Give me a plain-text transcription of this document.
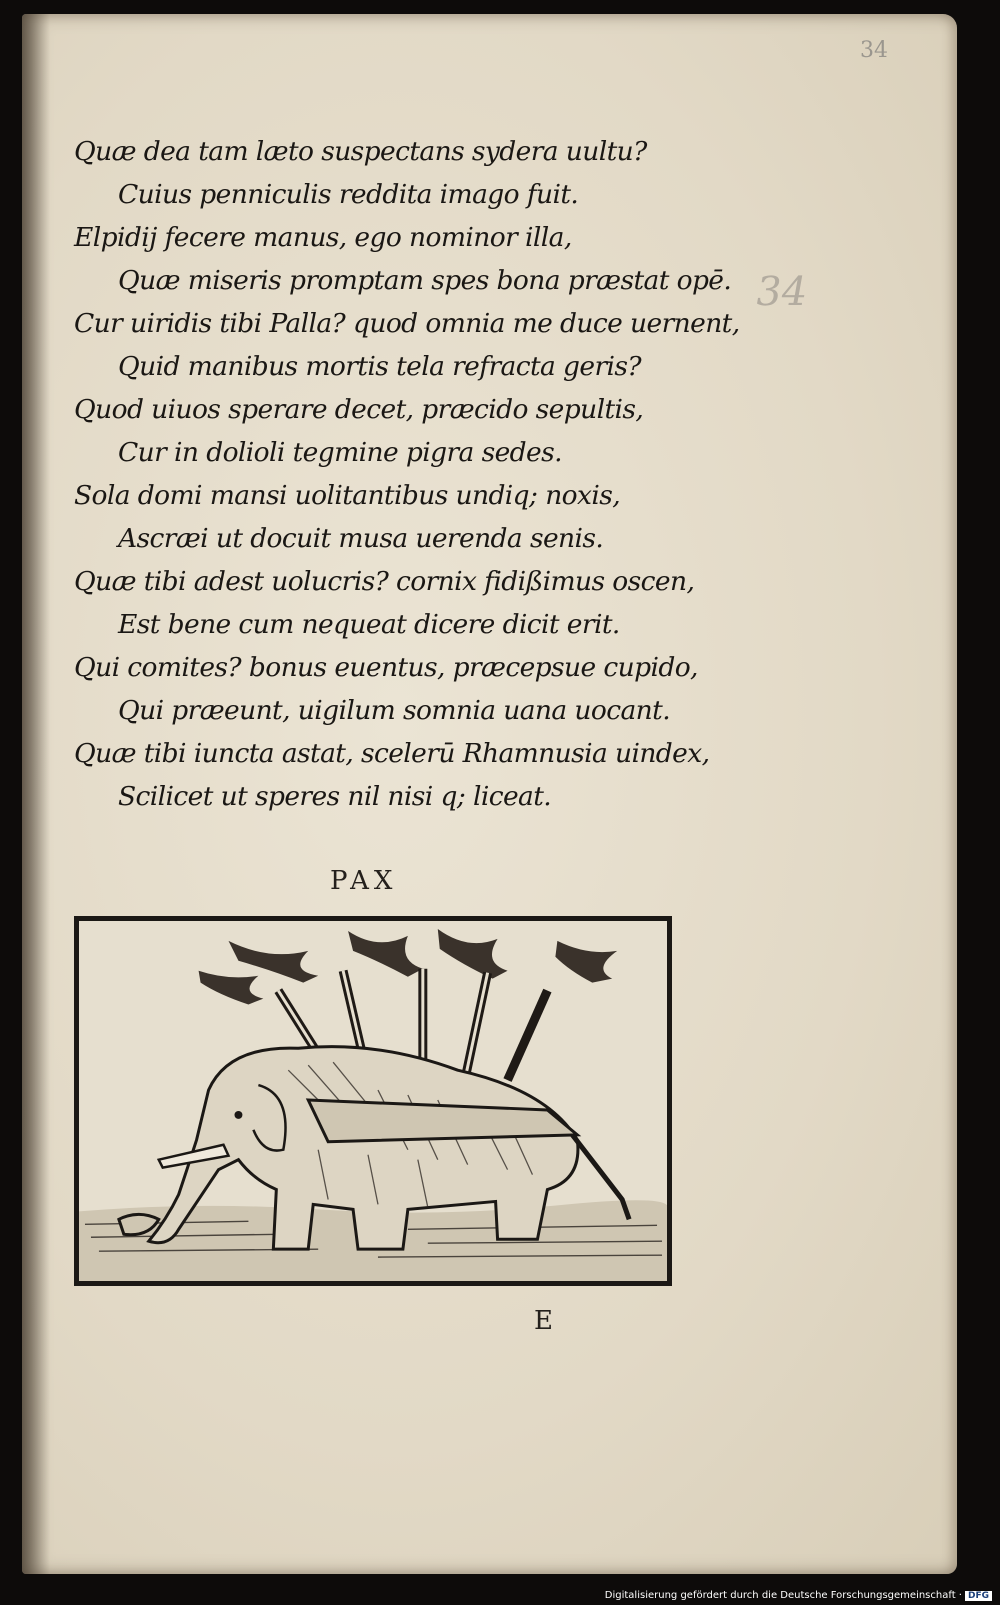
34
34
Quæ dea tam læto suspectans sydera uultu?
Cuius penniculis reddita imago fuit.
Elpidij fecere manus, ego nominor illa,
Quæ miseris promptam spes bona præstat opē.
Cur uiridis tibi Palla? quod omnia me duce uernent,
Quid manibus mortis tela refracta geris?
Quod uiuos sperare decet, præcido sepultis,
Cur in dolioli tegmine pigra sedes.
Sola domi mansi uolitantibus undiq; noxis,
Ascræi ut docuit musa uerenda senis.
Quæ tibi adest uolucris? cornix fidißimus oscen,
Est bene cum nequeat dicere dicit erit.
Qui comites? bonus euentus, præcepsue cupido,
Qui præeunt, uigilum somnia uana uocant.
Quæ tibi iuncta astat, scelerū Rhamnusia uindex,
Scilicet ut speres nil nisi q; liceat.
PAX
E
Digitalisierung gefördert durch die Deutsche Forschungsgemeinschaft · DFG
